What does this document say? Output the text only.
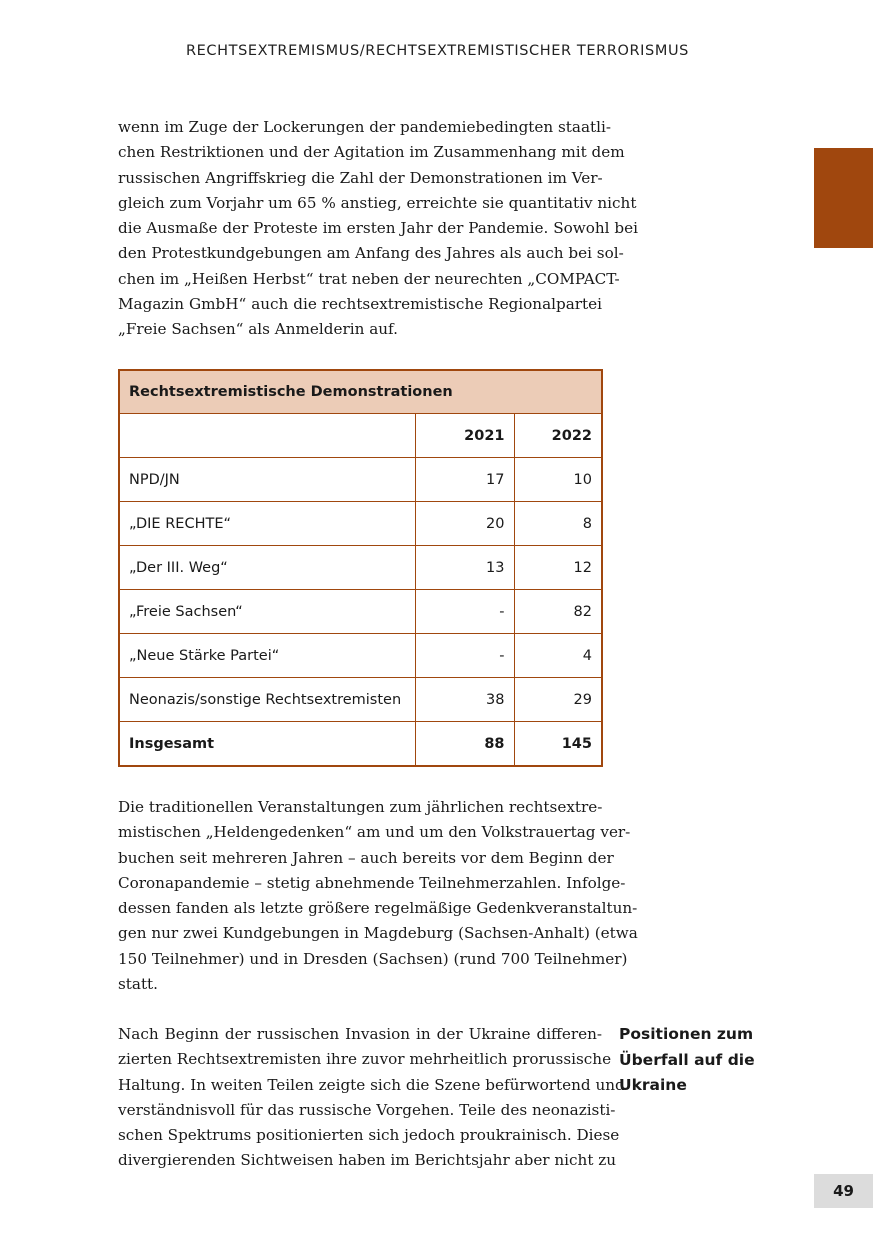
RECHTSEXTREMISMUS/RECHTSEXTREMISTISCHER TERRORISMUS
wenn im Zuge der Lockerungen der pandemiebedingten staatli-
chen Restriktionen und der Agitation im Zusammenhang mit dem
russischen Angriffskrieg die Zahl der Demonstrationen im Ver-
gleich zum Vorjahr um 65 % anstieg, erreichte sie quantitativ nicht
die Ausmaße der Proteste im ersten Jahr der Pandemie. Sowohl bei
den Protestkundgebungen am Anfang des Jahres als auch bei sol-
chen im „Heißen Herbst“ trat neben der neurechten „COMPACT-
Magazin GmbH“ auch die rechtsextremistische Regionalpartei
„Freie Sachsen“ als Anmelderin auf.
Rechtsextremistische Demonstrationen		
	2021	2022
NPD/JN	17	10
„DIE RECHTE“	20	8
„Der III. Weg“	13	12
„Freie Sachsen“	-	82
„Neue Stärke Partei“	-	4
Neonazis/sonstige Rechtsextremisten	38	29
Insgesamt	88	145
Die traditionellen Veranstaltungen zum jährlichen rechtsextre-
mistischen „Heldengedenken“ am und um den Volkstrauertag ver-
buchen seit mehreren Jahren – auch bereits vor dem Beginn der
Coronapandemie – stetig abnehmende Teilnehmerzahlen. Infolge-
dessen fanden als letzte größere regelmäßige Gedenkveranstaltun-
gen nur zwei Kundgebungen in Magdeburg (Sachsen-Anhalt) (etwa
150 Teilnehmer) und in Dresden (Sachsen) (rund 700 Teilnehmer)
statt.
Nach Beginn der russischen Invasion in der Ukraine differen-
zierten Rechtsextremisten ihre zuvor mehrheitlich prorussische
Haltung. In weiten Teilen zeigte sich die Szene befürwortend und
verständnisvoll für das russische Vorgehen. Teile des neonazisti-
schen Spektrums positionierten sich jedoch proukrainisch. Diese
divergierenden Sichtweisen haben im Berichtsjahr aber nicht zu
Positionen zum
Überfall auf die
Ukraine
49
